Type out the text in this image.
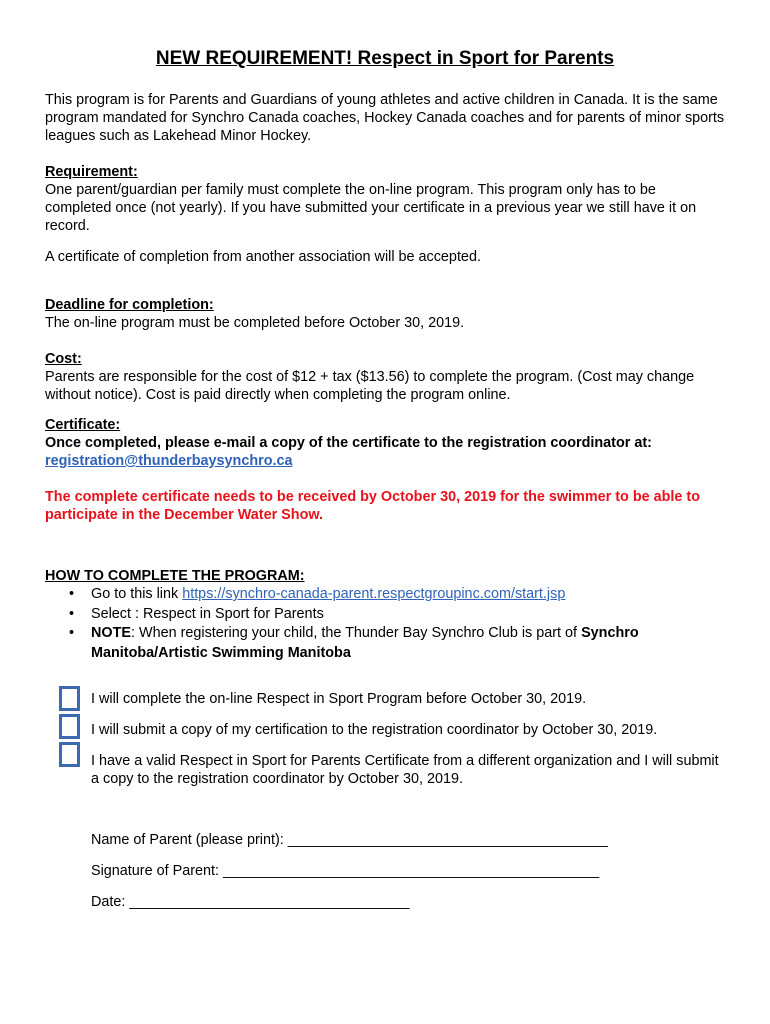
NEW REQUIREMENT! Respect in Sport for Parents
This program is for Parents and Guardians of young athletes and active children in Canada. It is the same program mandated for Synchro Canada coaches, Hockey Canada coaches and for parents of minor sports leagues such as Lakehead Minor Hockey.
Requirement:
One parent/guardian per family must complete the on-line program. This program only has to be completed once (not yearly). If you have submitted your certificate in a previous year we still have it on record.
A certificate of completion from another association will be accepted.
Deadline for completion:
The on-line program must be completed before October 30, 2019.
Cost:
Parents are responsible for the cost of $12 + tax ($13.56) to complete the program. (Cost may change without notice). Cost is paid directly when completing the program online.
Certificate:
Once completed, please e-mail a copy of the certificate to the registration coordinator at:
registration@thunderbaysynchro.ca
The complete certificate needs to be received by October 30, 2019 for the swimmer to be able to participate in the December Water Show.
HOW TO COMPLETE THE PROGRAM:
• Go to this link https://synchro-canada-parent.respectgroupinc.com/start.jsp
• Select : Respect in Sport for Parents
• NOTE: When registering your child, the Thunder Bay Synchro Club is part of Synchro Manitoba/Artistic Swimming Manitoba
I will complete the on-line Respect in Sport Program before October 30, 2019.
I will submit a copy of my certification to the registration coordinator by October 30, 2019.
I have a valid Respect in Sport for Parents Certificate from a different organization and I will submit a copy to the registration coordinator by October 30, 2019.
Name of Parent (please print): ________________________________________
Signature of Parent: _______________________________________________
Date: ___________________________________
